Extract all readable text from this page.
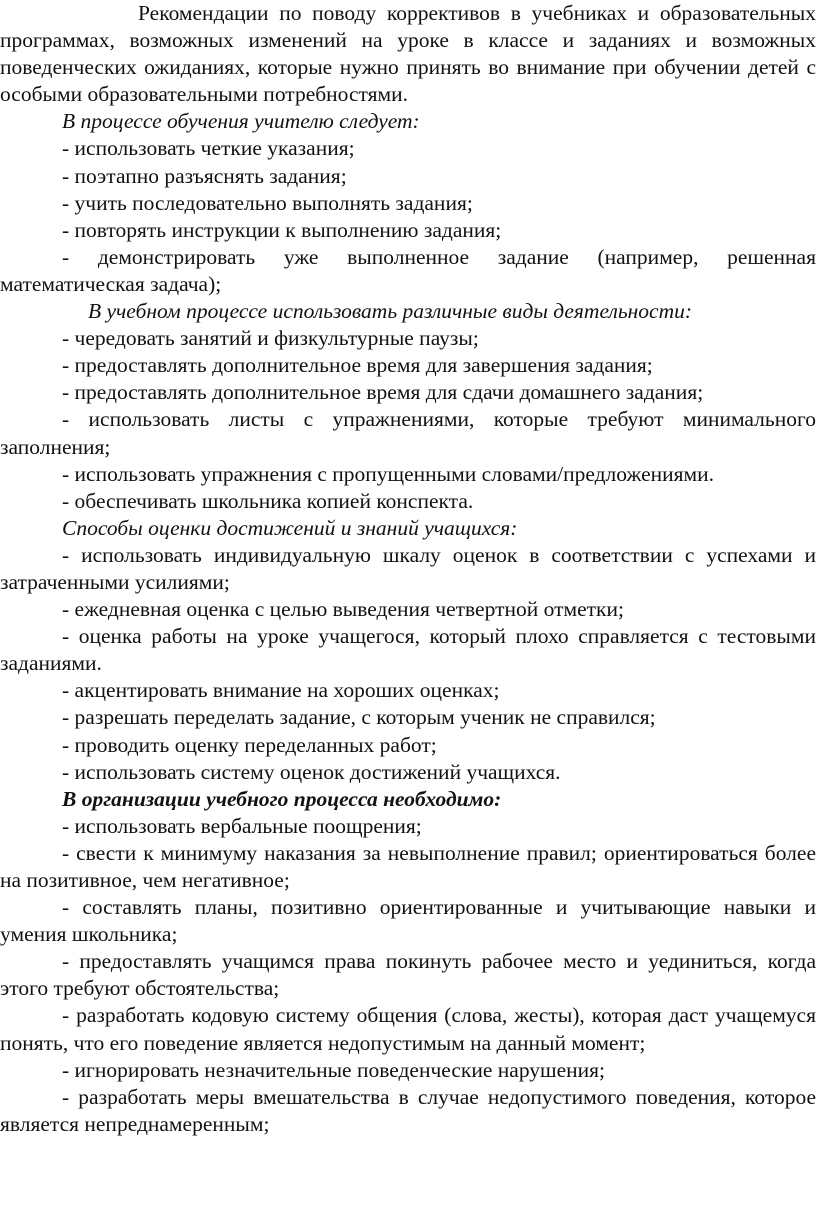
Рекомендации по поводу коррективов в учебниках и образовательных программах, возможных изменений на уроке в классе и заданиях и возможных поведенческих ожиданиях, которые нужно принять во внимание при обучении детей с особыми образовательными потребностями.

В процессе обучения учителю следует:

- использовать четкие указания;

- поэтапно разъяснять задания;

- учить последовательно выполнять задания;

- повторять инструкции к выполнению задания;

- демонстрировать уже выполненное задание (например, решенная математическая задача);

В учебном процессе использовать различные виды деятельности:

- чередовать занятий и физкультурные паузы;

- предоставлять дополнительное время для завершения задания;

- предоставлять дополнительное время для сдачи домашнего задания;

- использовать листы с упражнениями, которые требуют минимального заполнения;

- использовать упражнения с пропущенными словами/предложениями.

- обеспечивать школьника копией конспекта.

Способы оценки достижений и знаний учащихся:

- использовать индивидуальную шкалу оценок в соответствии с успехами и затраченными усилиями;

- ежедневная оценка с целью выведения четвертной отметки;

- оценка работы на уроке учащегося, который плохо справляется с тестовыми заданиями.

- акцентировать внимание на хороших оценках;

- разрешать переделать задание, с которым ученик не справился;

- проводить оценку переделанных работ;

- использовать систему оценок достижений учащихся.

В организации учебного процесса необходимо:

- использовать вербальные поощрения;

- свести к минимуму наказания за невыполнение правил; ориентироваться более на позитивное, чем негативное;

- составлять планы, позитивно ориентированные и учитывающие навыки и умения школьника;

- предоставлять учащимся права покинуть рабочее место и уединиться, когда этого требуют обстоятельства;

- разработать кодовую систему общения (слова, жесты), которая даст учащемуся понять, что его поведение является недопустимым на данный момент;

- игнорировать незначительные поведенческие нарушения;

- разработать меры вмешательства в случае недопустимого поведения, которое является непреднамеренным;
